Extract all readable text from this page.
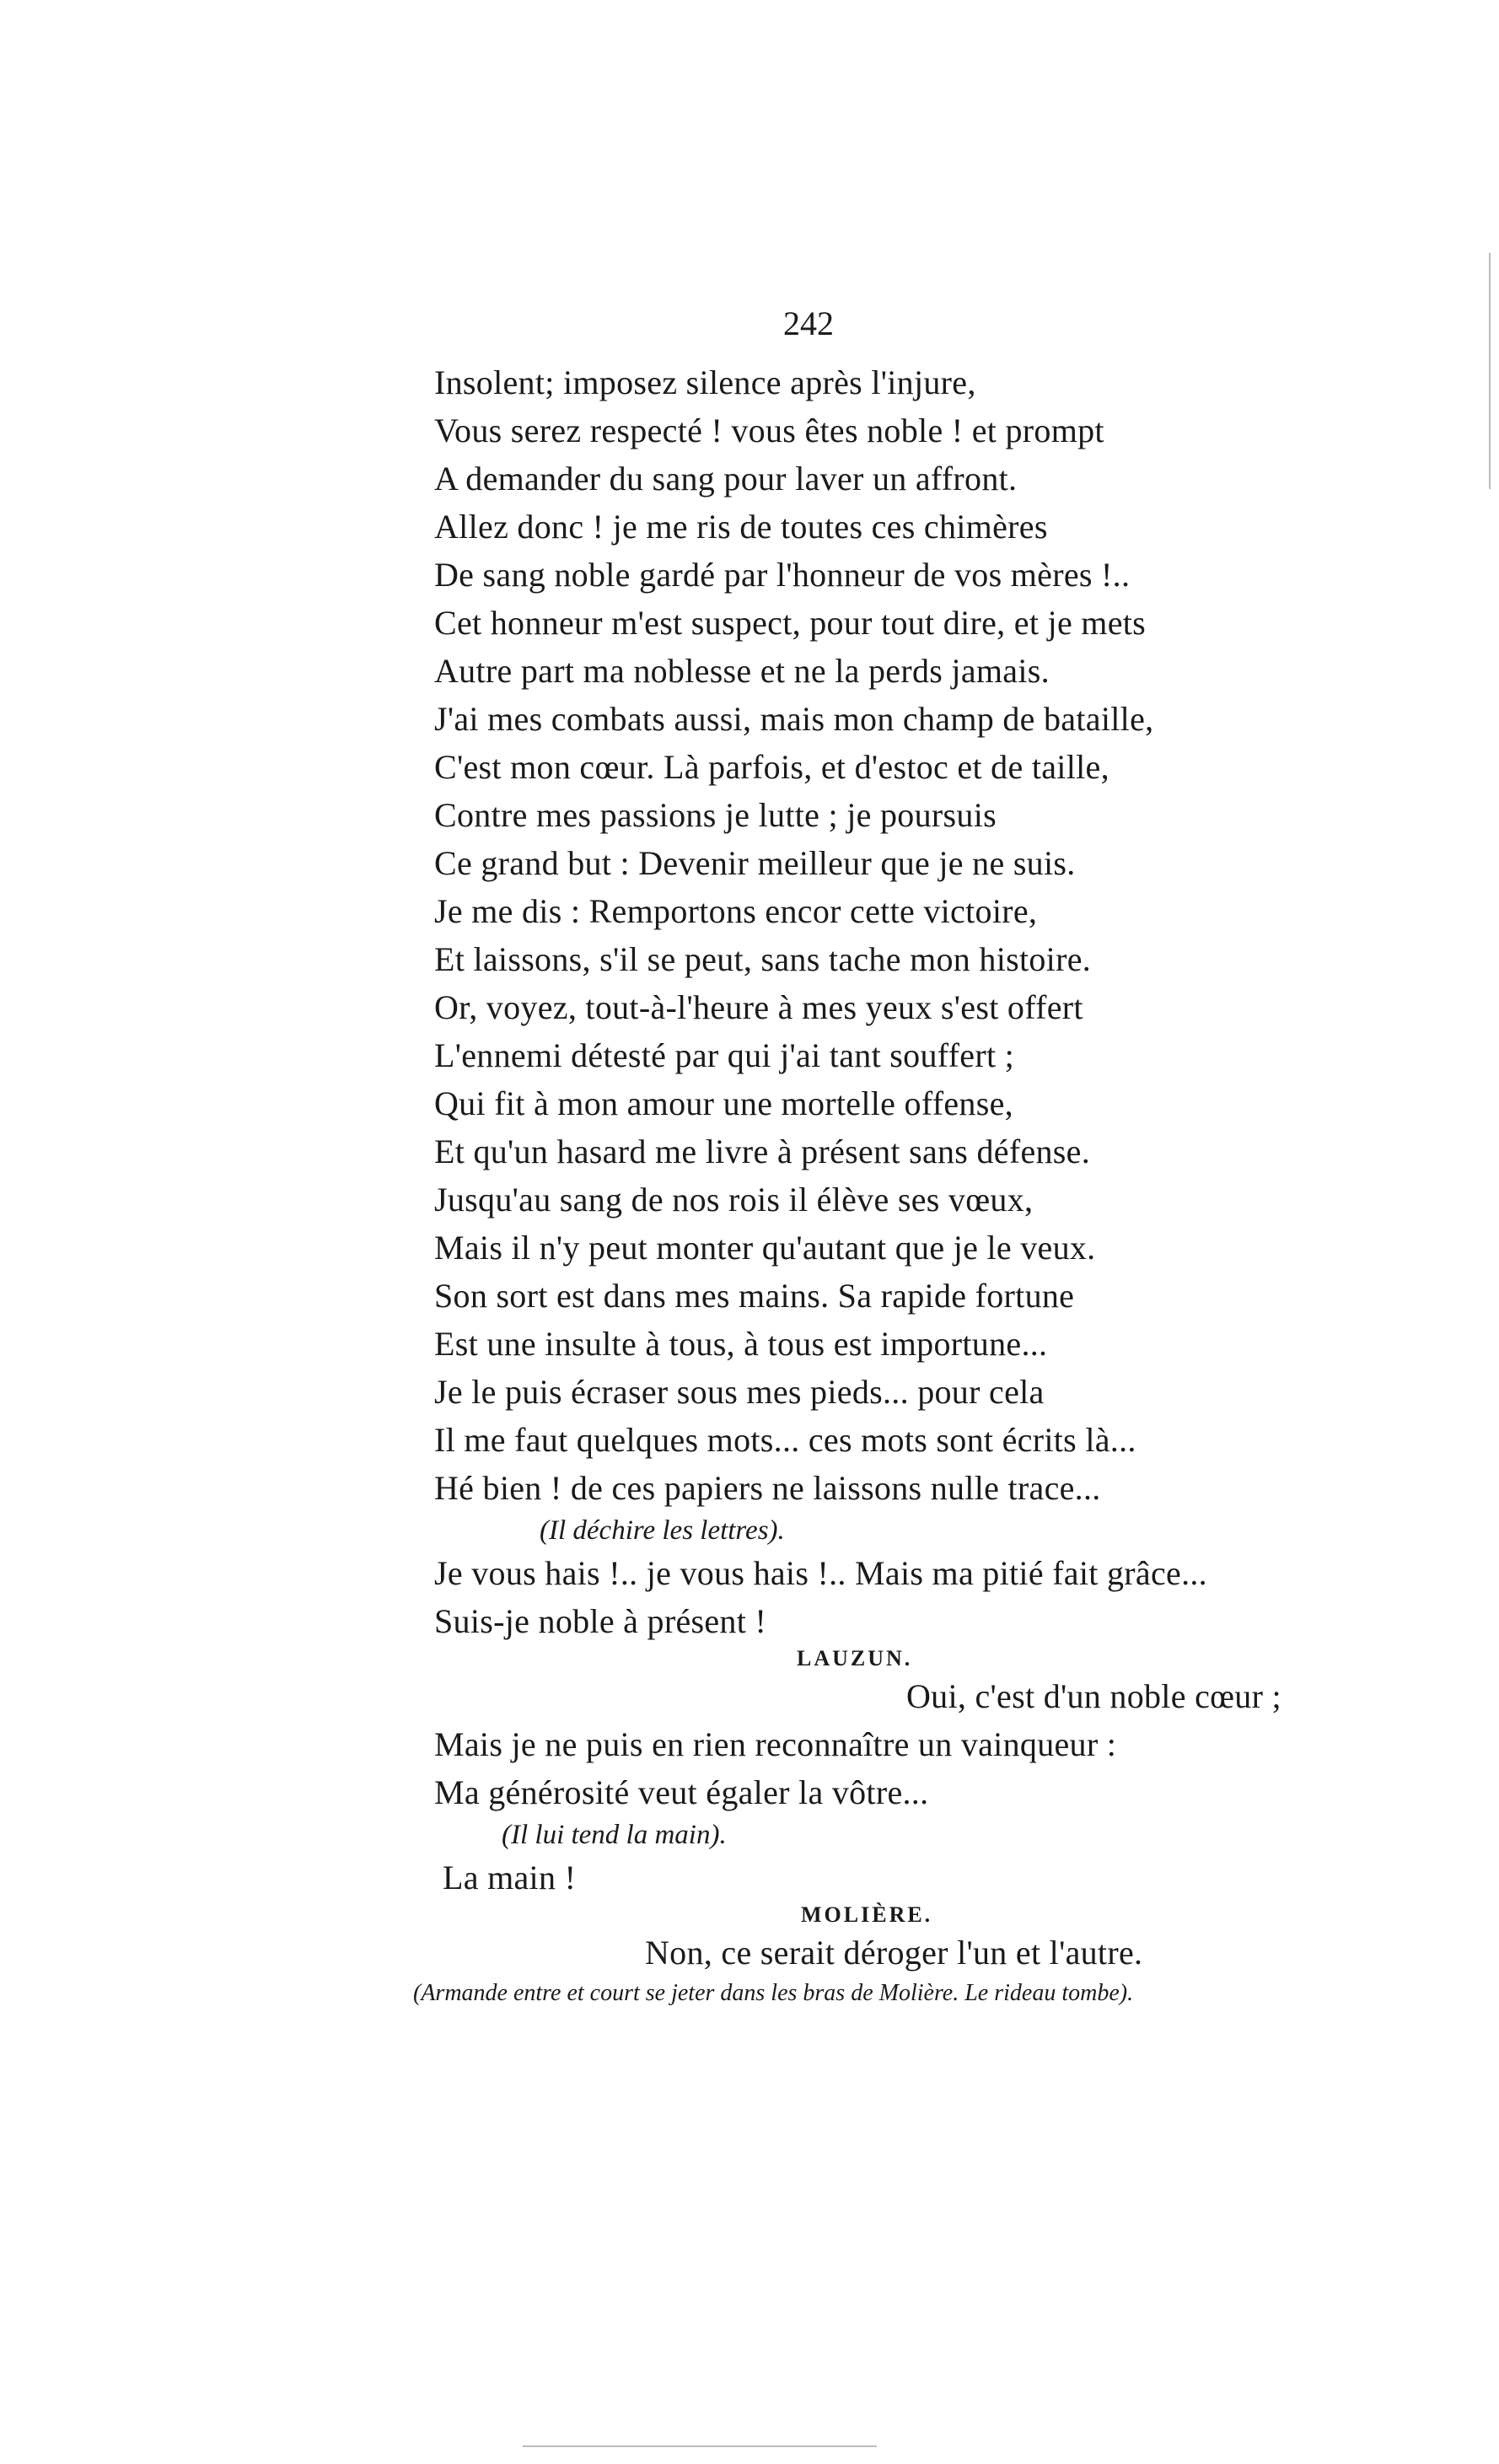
242
Insolent; imposez silence après l'injure,
Vous serez respecté ! vous êtes noble ! et prompt
A demander du sang pour laver un affront.
Allez donc ! je me ris de toutes ces chimères
De sang noble gardé par l'honneur de vos mères !..
Cet honneur m'est suspect, pour tout dire, et je mets
Autre part ma noblesse et ne la perds jamais.
J'ai mes combats aussi, mais mon champ de bataille,
C'est mon cœur. Là parfois, et d'estoc et de taille,
Contre mes passions je lutte ; je poursuis
Ce grand but : Devenir meilleur que je ne suis.
Je me dis : Remportons encor cette victoire,
Et laissons, s'il se peut, sans tache mon histoire.
Or, voyez, tout-à-l'heure à mes yeux s'est offert
L'ennemi détesté par qui j'ai tant souffert ;
Qui fit à mon amour une mortelle offense,
Et qu'un hasard me livre à présent sans défense.
Jusqu'au sang de nos rois il élève ses vœux,
Mais il n'y peut monter qu'autant que je le veux.
Son sort est dans mes mains. Sa rapide fortune
Est une insulte à tous, à tous est importune...
Je le puis écraser sous mes pieds... pour cela
Il me faut quelques mots... ces mots sont écrits là...
Hé bien ! de ces papiers ne laissons nulle trace...
(Il déchire les lettres).
Je vous hais !.. je vous hais !.. Mais ma pitié fait grâce...
Suis-je noble à présent !
LAUZUN.
Oui, c'est d'un noble cœur ;
Mais je ne puis en rien reconnaître un vainqueur :
Ma générosité veut égaler la vôtre...
(Il lui tend la main).
La main !
MOLIÈRE.
Non, ce serait déroger l'un et l'autre.
(Armande entre et court se jeter dans les bras de Molière. Le rideau tombe).
